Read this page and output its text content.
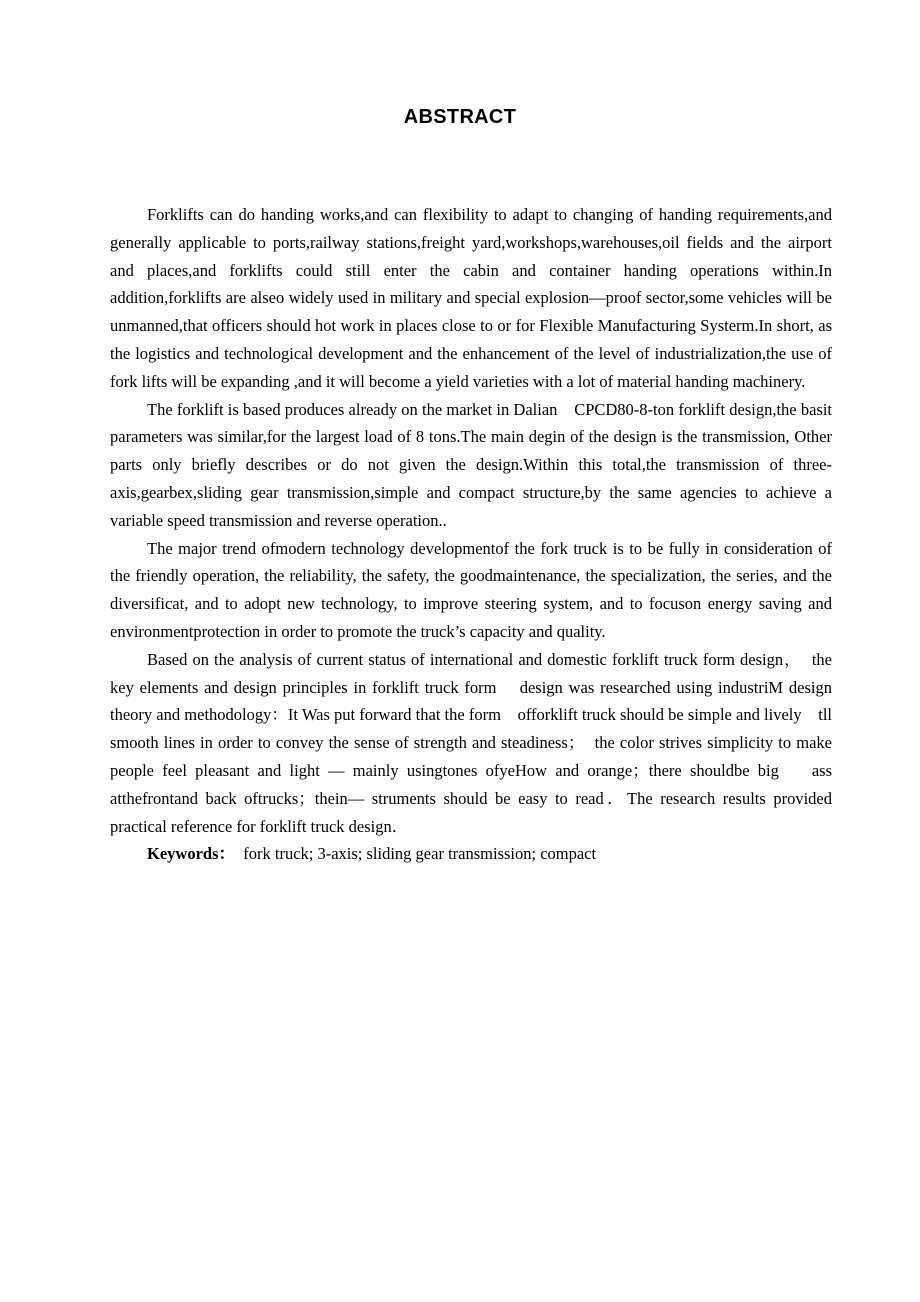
ABSTRACT

Forklifts can do handing works,and can flexibility to adapt to changing of handing requirements,and generally applicable to ports,railway stations,freight yard,workshops,warehouses,oil fields and the airport and places,and forklifts could still enter the cabin and container handing operations within.In addition,forklifts are alseo widely used in military and special explosion—proof sector,some vehicles will be unmanned,that officers should hot work in places close to or for Flexible Manufacturing Systerm.In short, as the logistics and technological development and the enhancement of the level of industrialization,the use of fork lifts will be expanding ,and it will become a yield varieties with a lot of material handing machinery.

The forklift is based produces already on the market in Dalian    CPCD80-8-ton forklift design,the basit parameters was similar,for the largest load of 8 tons.The main degin of the design is the transmission, Other parts only briefly describes or do not given the design.Within this total,the transmission of three-axis,gearbex,sliding gear transmission,simple and compact structure,by the same agencies to achieve a variable speed transmission and reverse operation..

The major trend ofmodern technology developmentof the fork truck is to be fully in consideration of the friendly operation, the reliability, the safety, the goodmaintenance, the specialization, the series, and the diversificat, and to adopt new technology, to improve steering system, and to focuson energy saving and environmentprotection in order to promote the truck’s capacity and quality.

Based on the analysis of current status of international and domestic forklift truck form design，  the key elements and design principles in forklift truck form    design was researched using industriM design    theory and methodology：It Was put forward that the form    offorklift truck should be simple and lively    tll smooth lines in order to convey the sense of strength and steadiness；  the color strives simplicity to make people feel pleasant and light — mainly usingtones ofyeHow and orange；there shouldbe big    ass atthefrontand back oftrucks；thein— struments should be easy to read．The research results provided practical reference for forklift truck design．

Keywords：  fork truck; 3-axis; sliding gear transmission; compact
